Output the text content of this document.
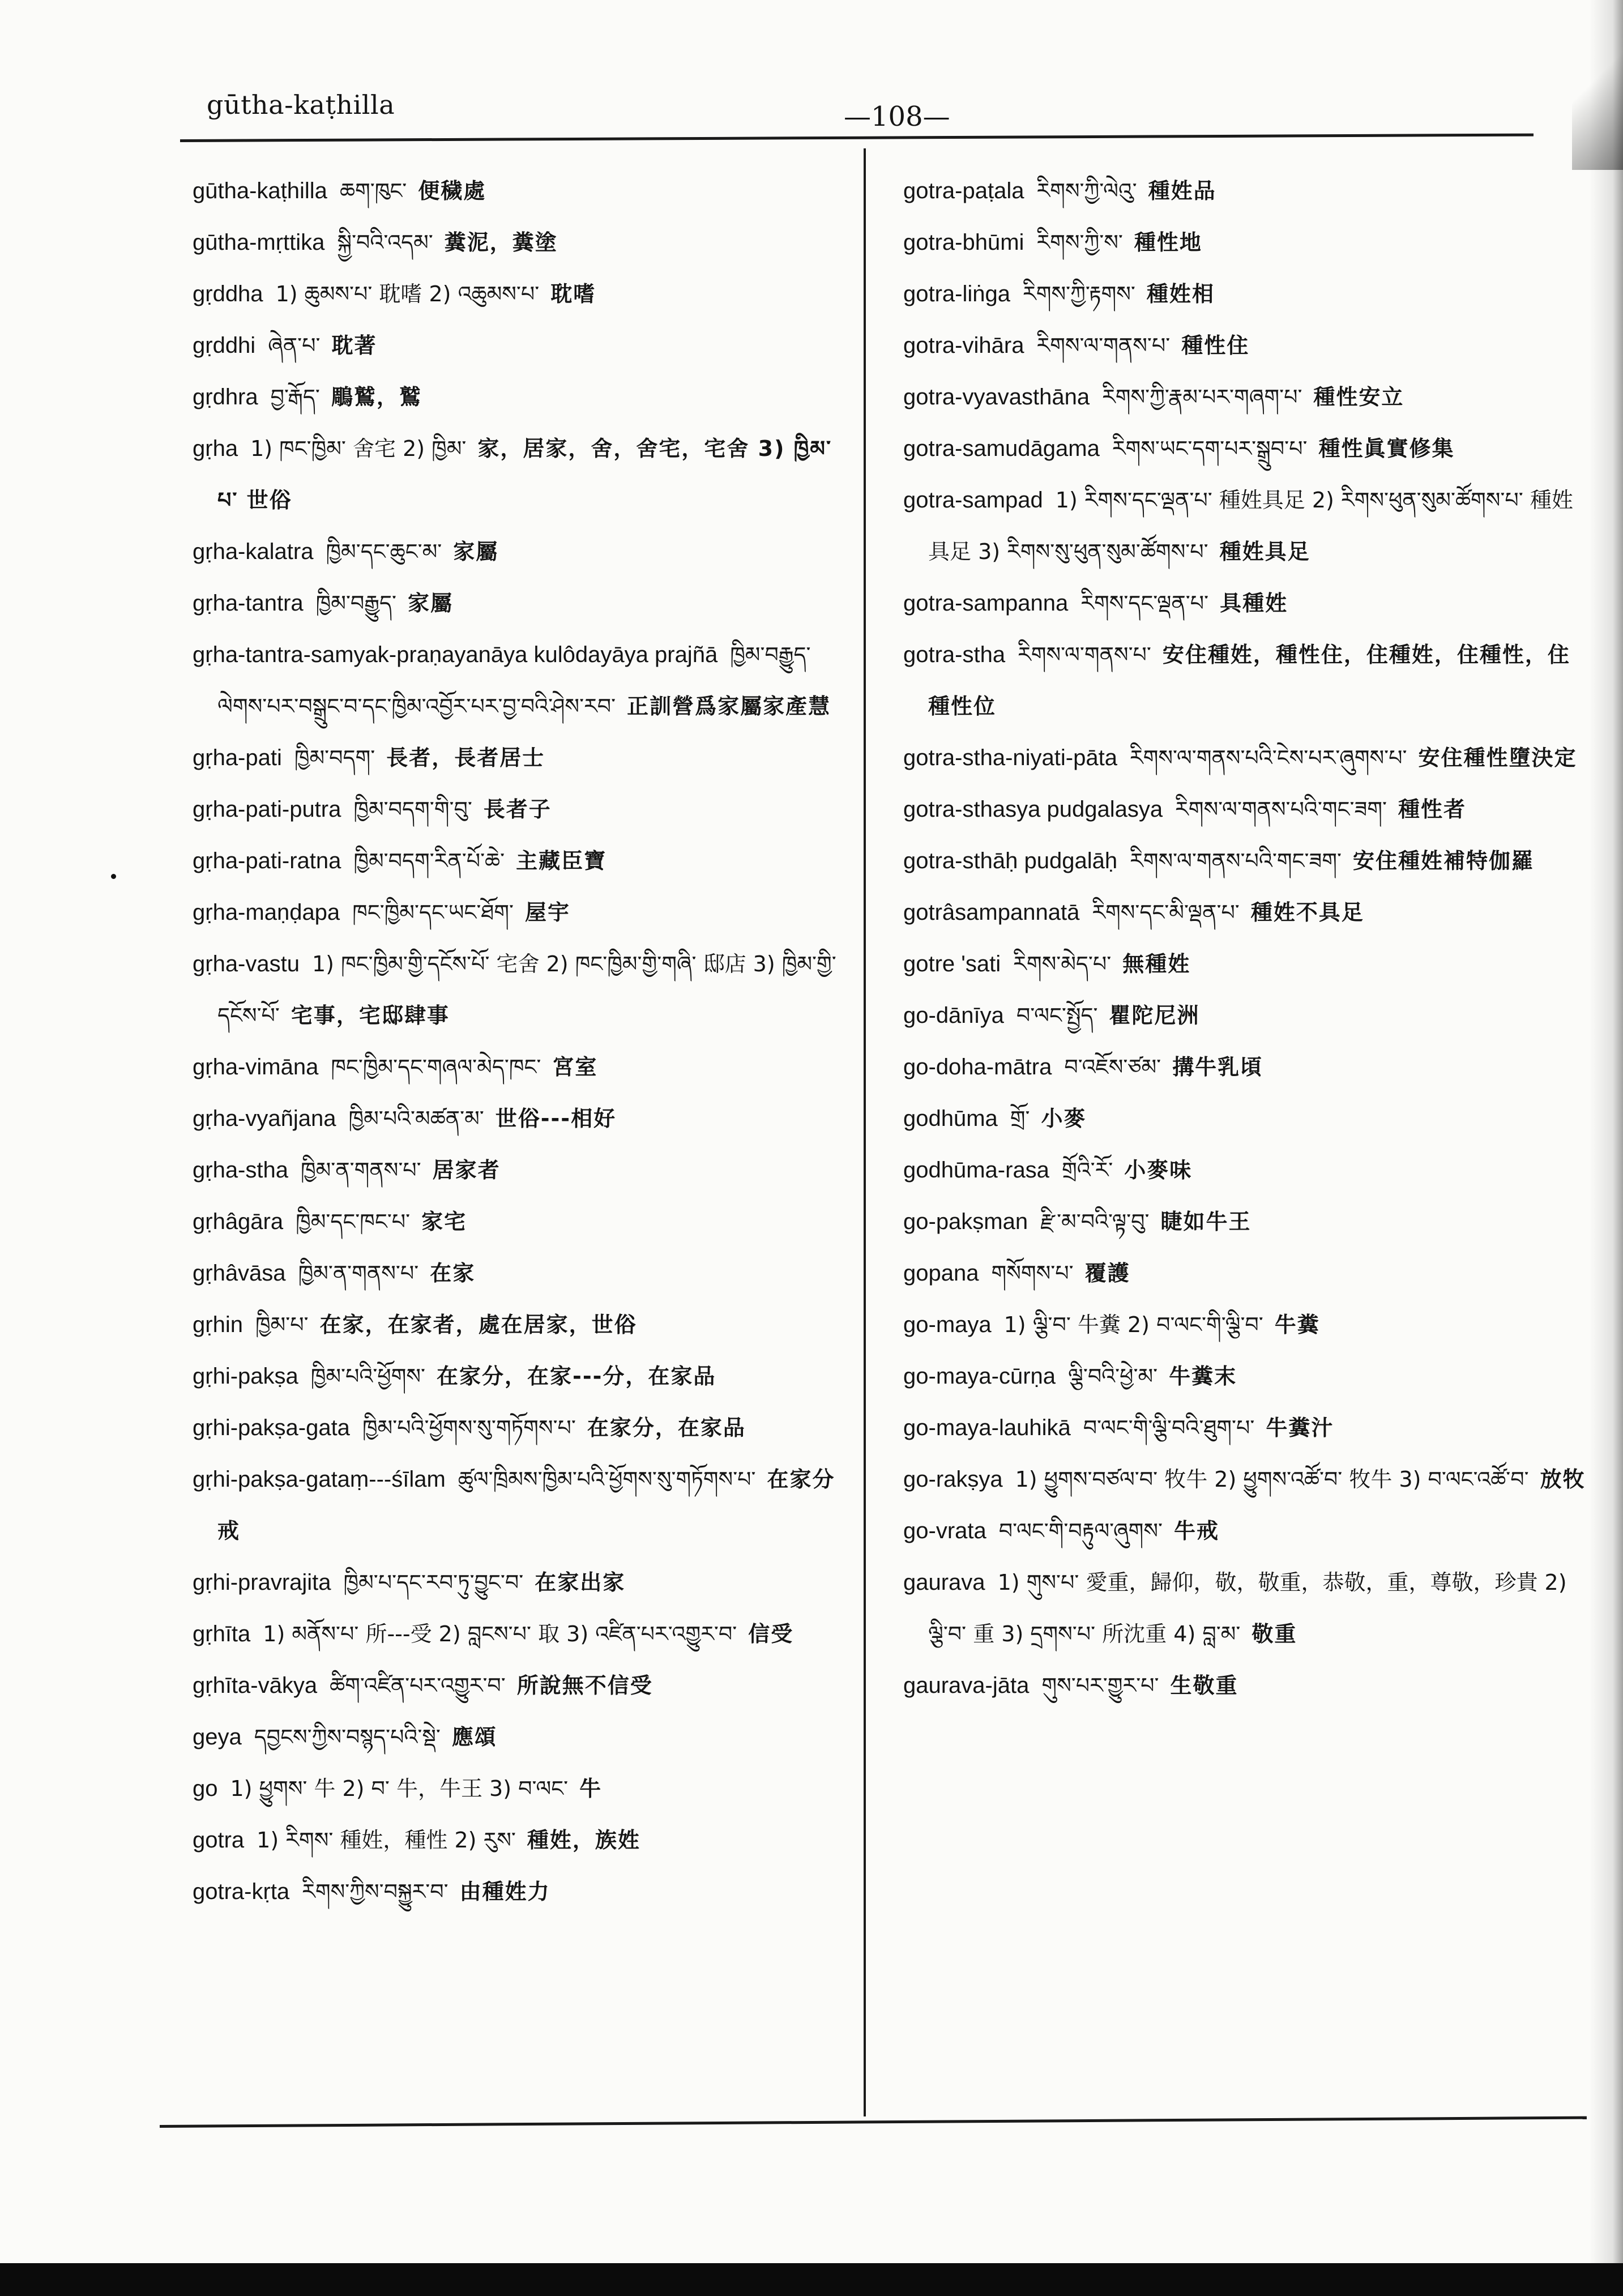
gūtha-kaṭhilla	—108—
gūtha-kaṭhilla ཆག་ཁུང་ 便穢處
gūtha-mṛttika སྐྱི་བའི་འདམ་ 糞泥，糞塗
gṛddha 1) ཆུམས་པ་ 耽嗜 2) འཆུམས་པ་ 耽嗜
gṛddhi ཞེན་པ་ 耽著
gṛdhra བྱ་རྒོད་ 鵰鷲，鷲
gṛha 1) ཁང་ཁྱིམ་ 舍宅 2) ཁྱིམ་ 家，居家，舍，舍宅，宅舍 3) ཁྱིམ་པ་ 世俗
gṛha-kalatra ཁྱིམ་དང་ཆུང་མ་ 家屬
gṛha-tantra ཁྱིམ་བརྒྱུད་ 家屬
gṛha-tantra-samyak-praṇayanāya kulôdayāya prajñā ཁྱིམ་བརྒྱུད་ལེགས་པར་བསྒྲུང་བ་དང་ཁྱིམ་འབྱོར་པར་བྱ་བའི་ཤེས་རབ་ 正訓營爲家屬家產慧
gṛha-pati ཁྱིམ་བདག་ 長者，長者居士
gṛha-pati-putra ཁྱིམ་བདག་གི་བུ་ 長者子
gṛha-pati-ratna ཁྱིམ་བདག་རིན་པོ་ཆེ་ 主藏臣寶
gṛha-maṇḍapa ཁང་ཁྱིམ་དང་ཡང་ཐོག་ 屋宇
gṛha-vastu 1) ཁང་ཁྱིམ་གྱི་དངོས་པོ་ 宅舍 2) ཁང་ཁྱིམ་གྱི་གཞི་ 邸店 3) ཁྱིམ་གྱི་དངོས་པོ་ 宅事，宅邸肆事
gṛha-vimāna ཁང་ཁྱིམ་དང་གཞལ་མེད་ཁང་ 宮室
gṛha-vyañjana ཁྱིམ་པའི་མཚན་མ་ 世俗---相好
gṛha-stha ཁྱིམ་ན་གནས་པ་ 居家者
gṛhâgāra ཁྱིམ་དང་ཁང་པ་ 家宅
gṛhâvāsa ཁྱིམ་ན་གནས་པ་ 在家
gṛhin ཁྱིམ་པ་ 在家，在家者，處在居家，世俗
gṛhi-pakṣa ཁྱིམ་པའི་ཕྱོགས་ 在家分，在家---分，在家品
gṛhi-pakṣa-gata ཁྱིམ་པའི་ཕྱོགས་སུ་གཏོགས་པ་ 在家分，在家品
gṛhi-pakṣa-gataṃ---śīlam ཚུལ་ཁྲིམས་ཁྱིམ་པའི་ཕྱོགས་སུ་གཏོགས་པ་ 在家分戒
gṛhi-pravrajita ཁྱིམ་པ་དང་རབ་ཏུ་བྱུང་བ་ 在家出家
gṛhīta 1) མནོས་པ་ 所---受 2) བླངས་པ་ 取 3) འཛིན་པར་འགྱུར་བ་ 信受
gṛhīta-vākya ཚིག་འཛིན་པར་འགྱུར་བ་ 所說無不信受
geya དབྱངས་ཀྱིས་བསྙད་པའི་སྡེ་ 應頌
go 1) ཕྱུགས་ 牛 2) བ་ 牛，牛王 3) བ་ལང་ 牛
gotra 1) རིགས་ 種姓，種性 2) རུས་ 種姓，族姓
gotra-kṛta རིགས་ཀྱིས་བསྐྱུར་བ་ 由種姓力
gotra-paṭala རིགས་ཀྱི་ལེའུ་ 種姓品
gotra-bhūmi རིགས་ཀྱི་ས་ 種性地
gotra-liṅga རིགས་ཀྱི་རྟགས་ 種姓相
gotra-vihāra རིགས་ལ་གནས་པ་ 種性住
gotra-vyavasthāna རིགས་ཀྱི་རྣམ་པར་གཞག་པ་ 種性安立
gotra-samudāgama རིགས་ཡང་དག་པར་སྒྲུབ་པ་ 種性眞實修集
gotra-sampad 1) རིགས་དང་ལྡན་པ་ 種姓具足 2) རིགས་ཕུན་སུམ་ཚོགས་པ་ 種姓具足 3) རིགས་སུ་ཕུན་སུམ་ཚོགས་པ་ 種姓具足
gotra-sampanna རིགས་དང་ལྡན་པ་ 具種姓
gotra-stha རིགས་ལ་གནས་པ་ 安住種姓，種性住，住種姓，住種性，住種性位
gotra-stha-niyati-pāta རིགས་ལ་གནས་པའི་ངེས་པར་ཞུགས་པ་ 安住種性墮決定
gotra-sthasya pudgalasya རིགས་ལ་གནས་པའི་གང་ཟག་ 種性者
gotra-sthāḥ pudgalāḥ རིགས་ལ་གནས་པའི་གང་ཟག་ 安住種姓補特伽羅
gotrâsampannatā རིགས་དང་མི་ལྡན་པ་ 種姓不具足
gotre 'sati རིགས་མེད་པ་ 無種姓
go-dānīya བ་ལང་སྤྱོད་ 瞿陀尼洲
go-doha-mātra བ་འཇོས་ཙམ་ 搆牛乳頃
godhūma གྲོ་ 小麥
godhūma-rasa གྲོའི་རོ་ 小麥味
go-pakṣman རྫི་མ་བའི་ལྟ་བུ་ 睫如牛王
gopana གསོགས་པ་ 覆護
go-maya 1) ལྕི་བ་ 牛糞 2) བ་ལང་གི་ལྕི་བ་ 牛糞
go-maya-cūrṇa ལྕི་བའི་ཕྱེ་མ་ 牛糞末
go-maya-lauhikā བ་ལང་གི་ལྕི་བའི་ཐུག་པ་ 牛糞汁
go-rakṣya 1) ཕྱུགས་བཙལ་བ་ 牧牛 2) ཕྱུགས་འཚོ་བ་ 牧牛 3) བ་ལང་འཚོ་བ་ 放牧
go-vrata བ་ལང་གི་བརྟུལ་ཞུགས་ 牛戒
gaurava 1) གུས་པ་ 愛重，歸仰，敬，敬重，恭敬，重，尊敬，珍貴 2) ལྕི་བ་ 重 3) དྲགས་པ་ 所沈重 4) བླ་མ་ 敬重
gaurava-jāta གུས་པར་གྱུར་པ་ 生敬重
